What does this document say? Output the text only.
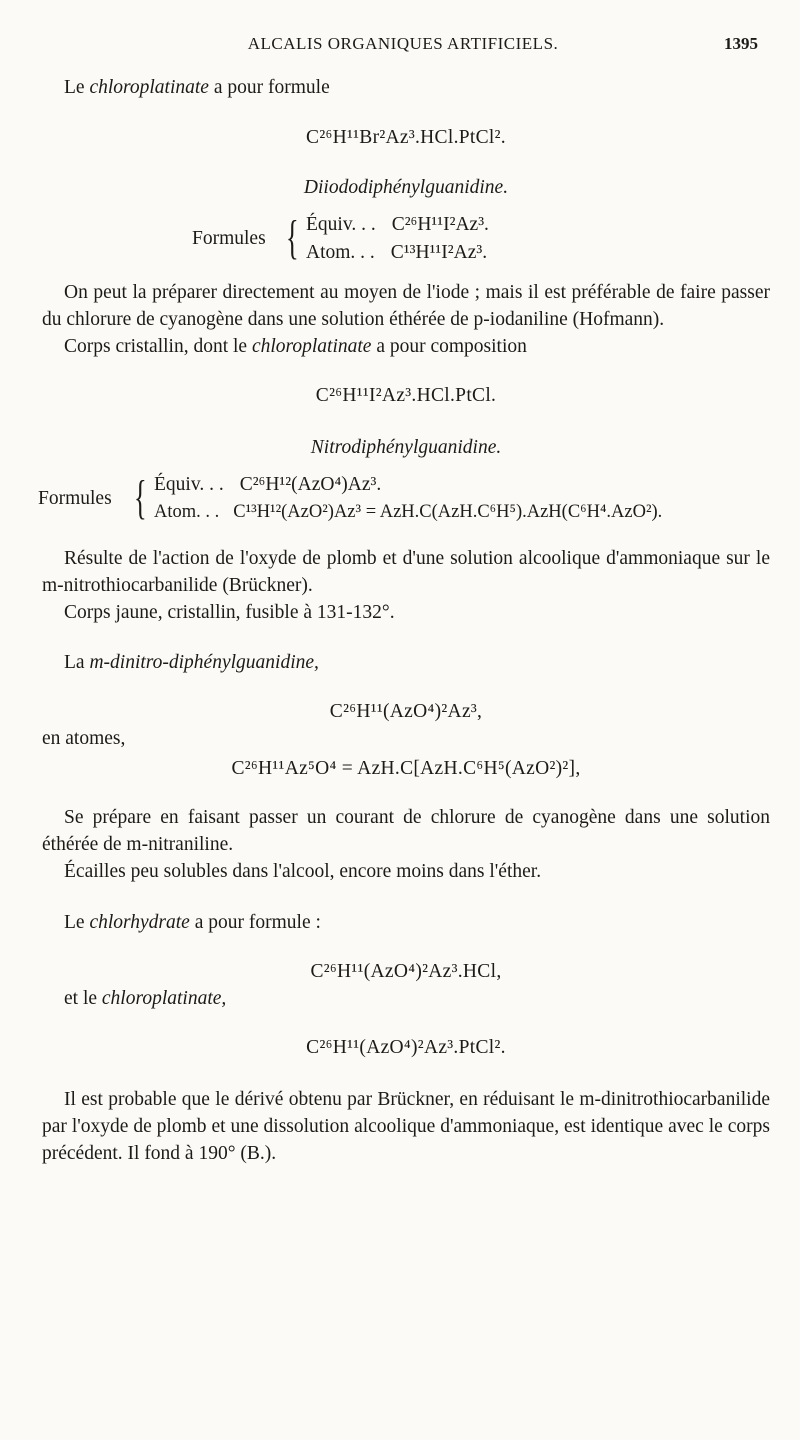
ALCALIS ORGANIQUES ARTIFICIELS.	1395

Le chloroplatinate a pour formule

C²⁶H¹¹Br²Az³.HCl.PtCl².

Diiododiphénylguanidine.

Formules { Équiv. . . C²⁶H¹¹I²Az³.
Atom. . . C¹³H¹¹I²Az³.

On peut la préparer directement au moyen de l'iode ; mais il est préférable de faire passer du chlorure de cyanogène dans une solution éthérée de p-iodaniline (Hofmann).

Corps cristallin, dont le chloroplatinate a pour composition

C²⁶H¹¹I²Az³.HCl.PtCl.

Nitrodiphénylguanidine.

Formules { Équiv. . . C²⁶H¹²(AzO⁴)Az³.
Atom. . . C¹³H¹²(AzO²)Az³ = AzH.C(AzH.C⁶H⁵).AzH(C⁶H⁴.AzO²).

Résulte de l'action de l'oxyde de plomb et d'une solution alcoolique d'ammoniaque sur le m-nitrothiocarbanilide (Brückner).

Corps jaune, cristallin, fusible à 131-132°.

La m-dinitro-diphénylguanidine,

C²⁶H¹¹(AzO⁴)²Az³,

en atomes,

C²⁶H¹¹Az⁵O⁴ = AzH.C[AzH.C⁶H⁵(AzO²)²],

Se prépare en faisant passer un courant de chlorure de cyanogène dans une solution éthérée de m-nitraniline.

Écailles peu solubles dans l'alcool, encore moins dans l'éther.

Le chlorhydrate a pour formule :

C²⁶H¹¹(AzO⁴)²Az³.HCl,

et le chloroplatinate,

C²⁶H¹¹(AzO⁴)²Az³.PtCl².

Il est probable que le dérivé obtenu par Brückner, en réduisant le m-dinitrothiocarbanilide par l'oxyde de plomb et une dissolution alcoolique d'ammoniaque, est identique avec le corps précédent. Il fond à 190° (B.).
